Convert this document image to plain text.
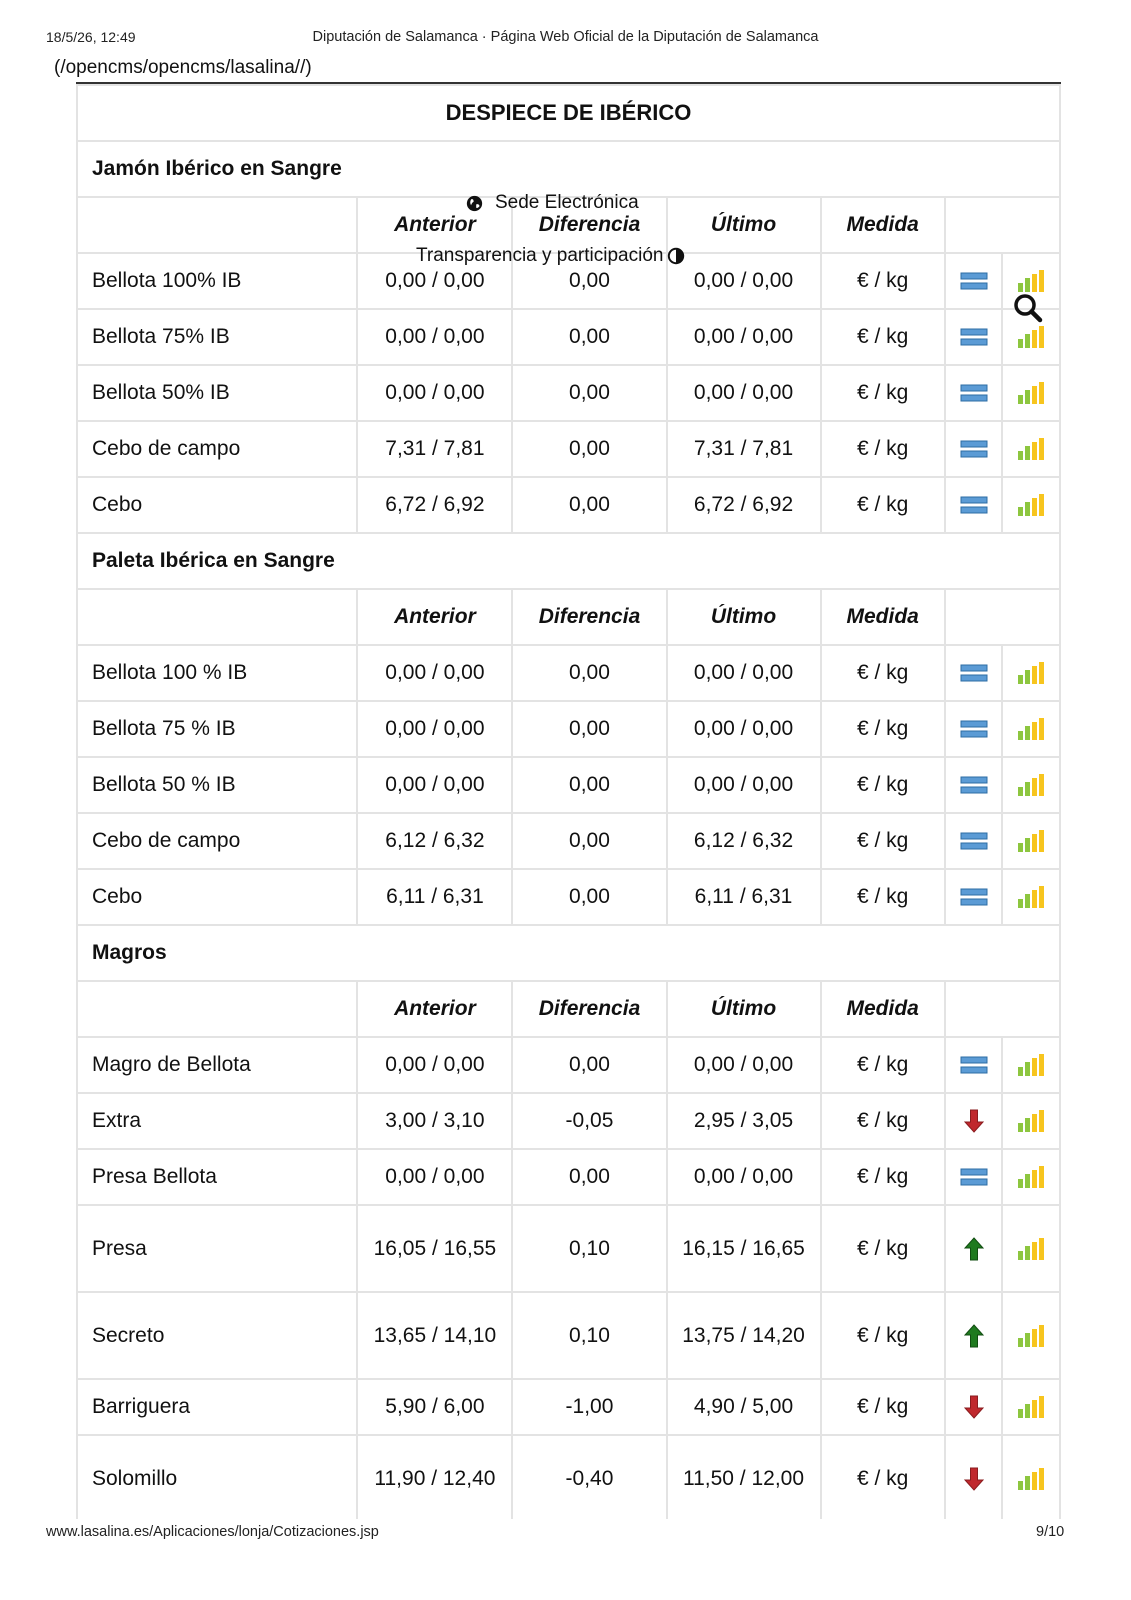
18/5/26, 12:49	Diputación de Salamanca · Página Web Oficial de la Diputación de Salamanca
(/opencms/opencms/lasalina//)
DESPIECE DE IBÉRICO						
Jamón Ibérico en Sangre						
	Anterior	Diferencia	Último	Medida		
Bellota 100% IB	0,00 / 0,00	0,00	0,00 / 0,00	€ / kg	

Bellota 75% IB	0,00 / 0,00	0,00	0,00 / 0,00	€ / kg	

Bellota 50% IB	0,00 / 0,00	0,00	0,00 / 0,00	€ / kg	

Cebo de campo	7,31 / 7,81	0,00	7,31 / 7,81	€ / kg	

Cebo	6,72 / 6,92	0,00	6,72 / 6,92	€ / kg	

Paleta Ibérica en Sangre						
	Anterior	Diferencia	Último	Medida		
Bellota 100 % IB	0,00 / 0,00	0,00	0,00 / 0,00	€ / kg	

Bellota 75 % IB	0,00 / 0,00	0,00	0,00 / 0,00	€ / kg	

Bellota 50 % IB	0,00 / 0,00	0,00	0,00 / 0,00	€ / kg	

Cebo de campo	6,12 / 6,32	0,00	6,12 / 6,32	€ / kg	

Cebo	6,11 / 6,31	0,00	6,11 / 6,31	€ / kg	

Magros						
	Anterior	Diferencia	Último	Medida		
Magro de Bellota	0,00 / 0,00	0,00	0,00 / 0,00	€ / kg	

Extra	3,00 / 3,10	-0,05	2,95 / 3,05	€ / kg	

Presa Bellota	0,00 / 0,00	0,00	0,00 / 0,00	€ / kg	

Presa	16,05 / 16,55	0,10	16,15 / 16,65	€ / kg	

Secreto	13,65 / 14,10	0,10	13,75 / 14,20	€ / kg	

Barriguera	5,90 / 6,00	-1,00	4,90 / 5,00	€ / kg	

Solomillo	11,90 / 12,40	-0,40	11,50 / 12,00	€ / kg	

Sede Electrónica
Transparencia y participación
www.lasalina.es/Aplicaciones/lonja/Cotizaciones.jsp	9/10
